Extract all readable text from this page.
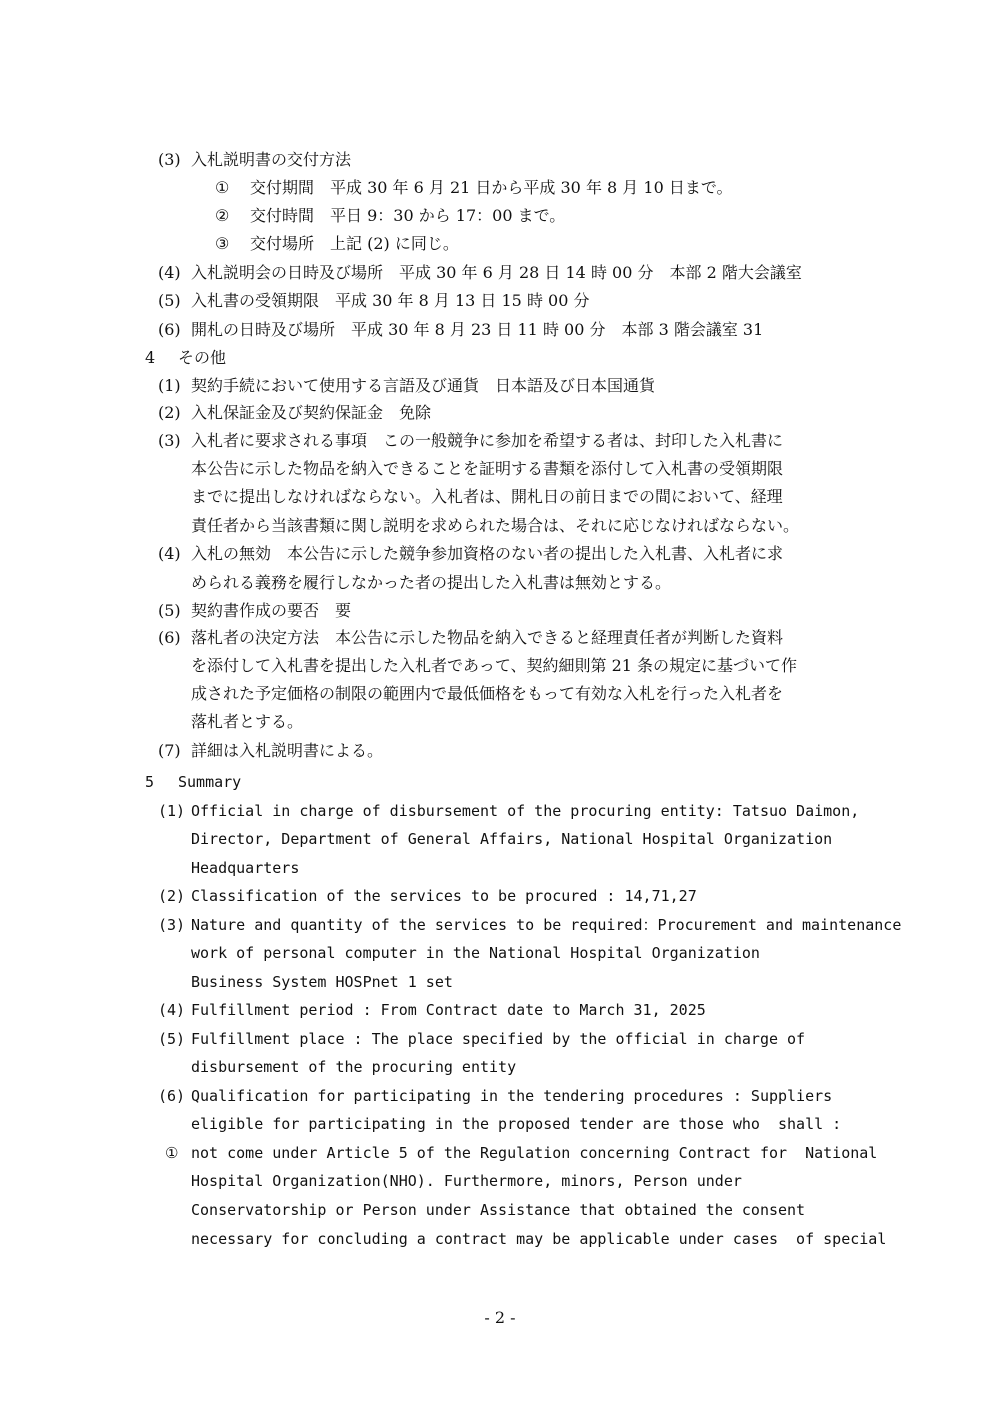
(3) 入札説明書の交付方法
① 交付期間　平成 30 年 6 月 21 日から平成 30 年 8 月 10 日まで。
② 交付時間　平日 9：30 から 17：00 まで。
③ 交付場所　上記 (2) に同じ。
(4) 入札説明会の日時及び場所　平成 30 年 6 月 28 日 14 時 00 分　本部 2 階大会議室
(5) 入札書の受領期限　平成 30 年 8 月 13 日 15 時 00 分
(6) 開札の日時及び場所　平成 30 年 8 月 23 日 11 時 00 分　本部 3 階会議室 31
4 その他
(1) 契約手続において使用する言語及び通貨　日本語及び日本国通貨
(2) 入札保証金及び契約保証金　免除
(3) 入札者に要求される事項　この一般競争に参加を希望する者は、封印した入札書に
本公告に示した物品を納入できることを証明する書類を添付して入札書の受領期限
までに提出しなければならない。入札者は、開札日の前日までの間において、経理
責任者から当該書類に関し説明を求められた場合は、それに応じなければならない。
(4) 入札の無効　本公告に示した競争参加資格のない者の提出した入札書、入札者に求
められる義務を履行しなかった者の提出した入札書は無効とする。
(5) 契約書作成の要否　要
(6) 落札者の決定方法　本公告に示した物品を納入できると経理責任者が判断した資料
を添付して入札書を提出した入札者であって、契約細則第 21 条の規定に基づいて作
成された予定価格の制限の範囲内で最低価格をもって有効な入札を行った入札者を
落札者とする。
(7) 詳細は入札説明書による。
5 Summary
(1) Official in charge of disbursement of the procuring entity: Tatsuo Daimon,
Director, Department of General Affairs, National Hospital Organization
Headquarters
(2) Classification of the services to be procured : 14,71,27
(3) Nature and quantity of the services to be required：Procurement and maintenance
work of personal computer in the National Hospital Organization
Business System HOSPnet 1 set
(4) Fulfillment period : From Contract date to March 31, 2025
(5) Fulfillment place : The place specified by the official in charge of
disbursement of the procuring entity
(6) Qualification for participating in the tendering procedures : Suppliers
eligible for participating in the proposed tender are those who  shall :
① not come under Article 5 of the Regulation concerning Contract for  National
Hospital Organization(NHO). Furthermore, minors, Person under
Conservatorship or Person under Assistance that obtained the consent
necessary for concluding a contract may be applicable under cases  of special
- 2 -
